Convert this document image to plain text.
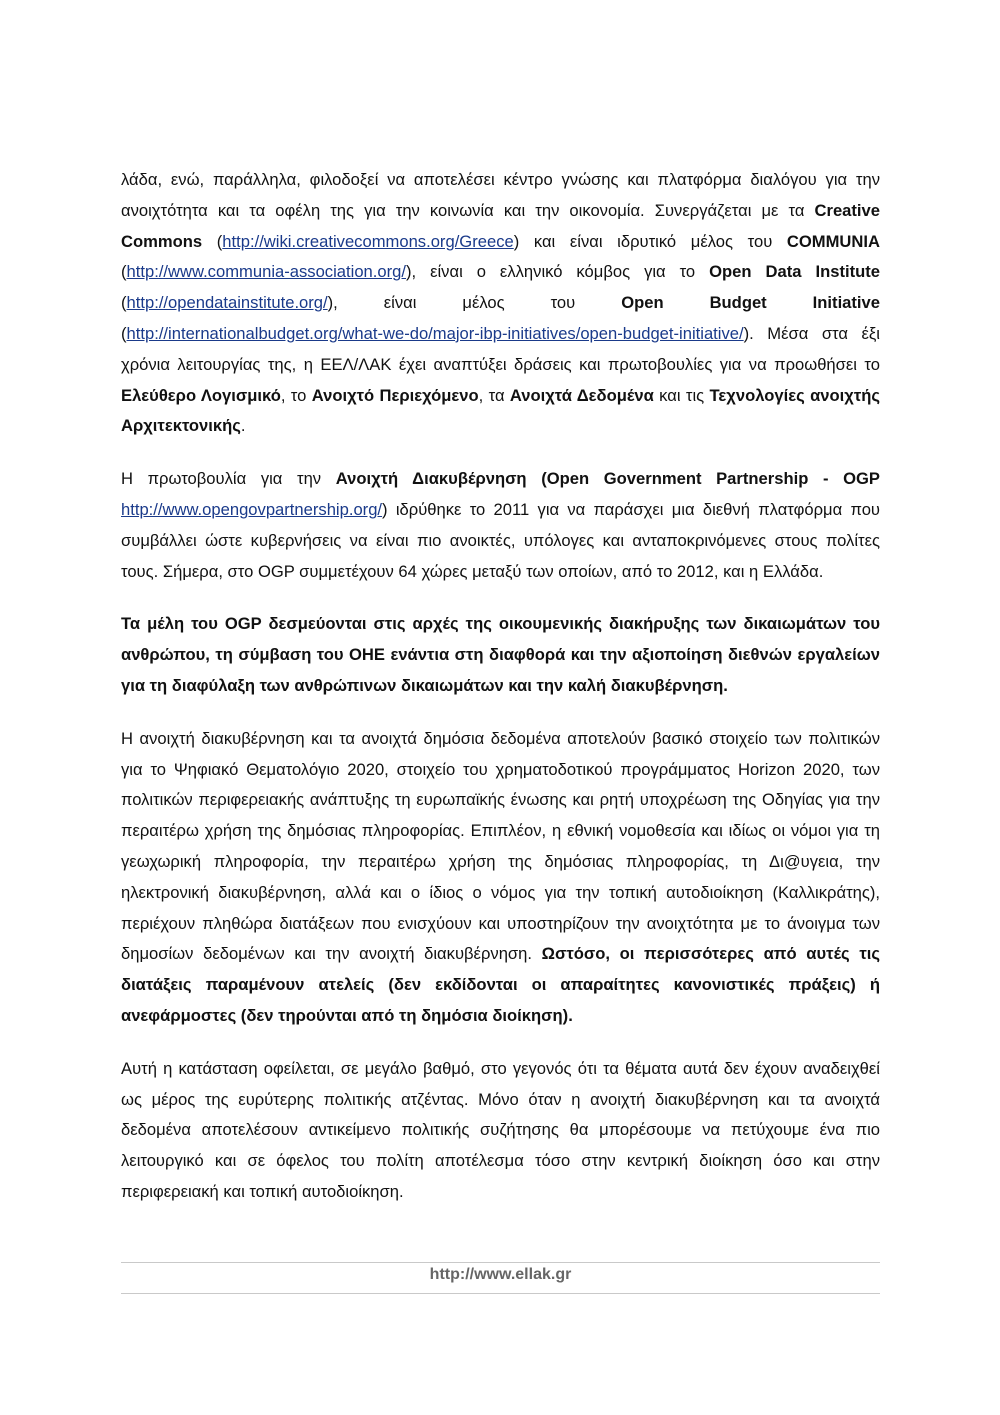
λάδα, ενώ, παράλληλα, φιλοδοξεί να αποτελέσει κέντρο γνώσης και πλατφόρμα διαλόγου για την ανοιχτότητα και τα οφέλη της για την κοινωνία και την οικονομία. Συνεργάζεται με τα Creative Commons (http://wiki.creativecommons.org/Greece) και είναι ιδρυτικό μέλος του COMMUNIA (http://www.communia-association.org/), είναι ο ελληνικό κόμβος για το Open Data Institute (http://opendatainstitute.org/), είναι μέλος του Open Budget Initiative (http://internationalbudget.org/what-we-do/major-ibp-initiatives/open-budget-initiative/). Μέσα στα έξι χρόνια λειτουργίας της, η ΕΕΛ/ΛΑΚ έχει αναπτύξει δράσεις και πρωτοβουλίες για να προωθήσει το Ελεύθερο Λογισμικό, το Ανοιχτό Περιεχόμενο, τα Ανοιχτά Δεδομένα και τις Τεχνολογίες ανοιχτής Αρχιτεκτονικής.

Η πρωτοβουλία για την Ανοιχτή Διακυβέρνηση (Open Government Partnership - OGP http://www.opengovpartnership.org/) ιδρύθηκε το 2011 για να παράσχει μια διεθνή πλατφόρμα που συμβάλλει ώστε κυβερνήσεις να είναι πιο ανοικτές, υπόλογες και ανταποκρινόμενες στους πολίτες τους. Σήμερα, στο OGP συμμετέχουν 64 χώρες μεταξύ των οποίων, από το 2012, και η Ελλάδα.

Τα μέλη του OGP δεσμεύονται στις αρχές της οικουμενικής διακήρυξης των δικαιωμάτων του ανθρώπου, τη σύμβαση του ΟΗΕ ενάντια στη διαφθορά και την αξιοποίηση διεθνών εργαλείων για τη διαφύλαξη των ανθρώπινων δικαιωμάτων και την καλή διακυβέρνηση.

Η ανοιχτή διακυβέρνηση και τα ανοιχτά δημόσια δεδομένα αποτελούν βασικό στοιχείο των πολιτικών για το Ψηφιακό Θεματολόγιο 2020, στοιχείο του χρηματοδοτικού προγράμματος Horizon 2020, των πολιτικών περιφερειακής ανάπτυξης τη ευρωπαϊκής ένωσης και ρητή υποχρέωση της Οδηγίας για την περαιτέρω χρήση της δημόσιας πληροφορίας. Επιπλέον, η εθνική νομοθεσία και ιδίως οι νόμοι για τη γεωχωρική πληροφορία, την περαιτέρω χρήση της δημόσιας πληροφορίας, τη Δι@υγεια, την ηλεκτρονική διακυβέρνηση, αλλά και ο ίδιος ο νόμος για την τοπική αυτοδιοίκηση (Καλλικράτης), περιέχουν πληθώρα διατάξεων που ενισχύουν και υποστηρίζουν την ανοιχτότητα με το άνοιγμα των δημοσίων δεδομένων και την ανοιχτή διακυβέρνηση. Ωστόσο, οι περισσότερες από αυτές τις διατάξεις παραμένουν ατελείς (δεν εκδίδονται οι απαραίτητες κανονιστικές πράξεις) ή ανεφάρμοστες (δεν τηρούνται από τη δημόσια διοίκηση).

Αυτή η κατάσταση οφείλεται, σε μεγάλο βαθμό, στο γεγονός ότι τα θέματα αυτά δεν έχουν αναδειχθεί ως μέρος της ευρύτερης πολιτικής ατζέντας. Μόνο όταν η ανοιχτή διακυβέρνηση και τα ανοιχτά δεδομένα αποτελέσουν αντικείμενο πολιτικής συζήτησης θα μπορέσουμε να πετύχουμε ένα πιο λειτουργικό και σε όφελος του πολίτη αποτέλεσμα τόσο στην κεντρική διοίκηση όσο και στην περιφερειακή και τοπική αυτοδιοίκηση.

http://www.ellak.gr
